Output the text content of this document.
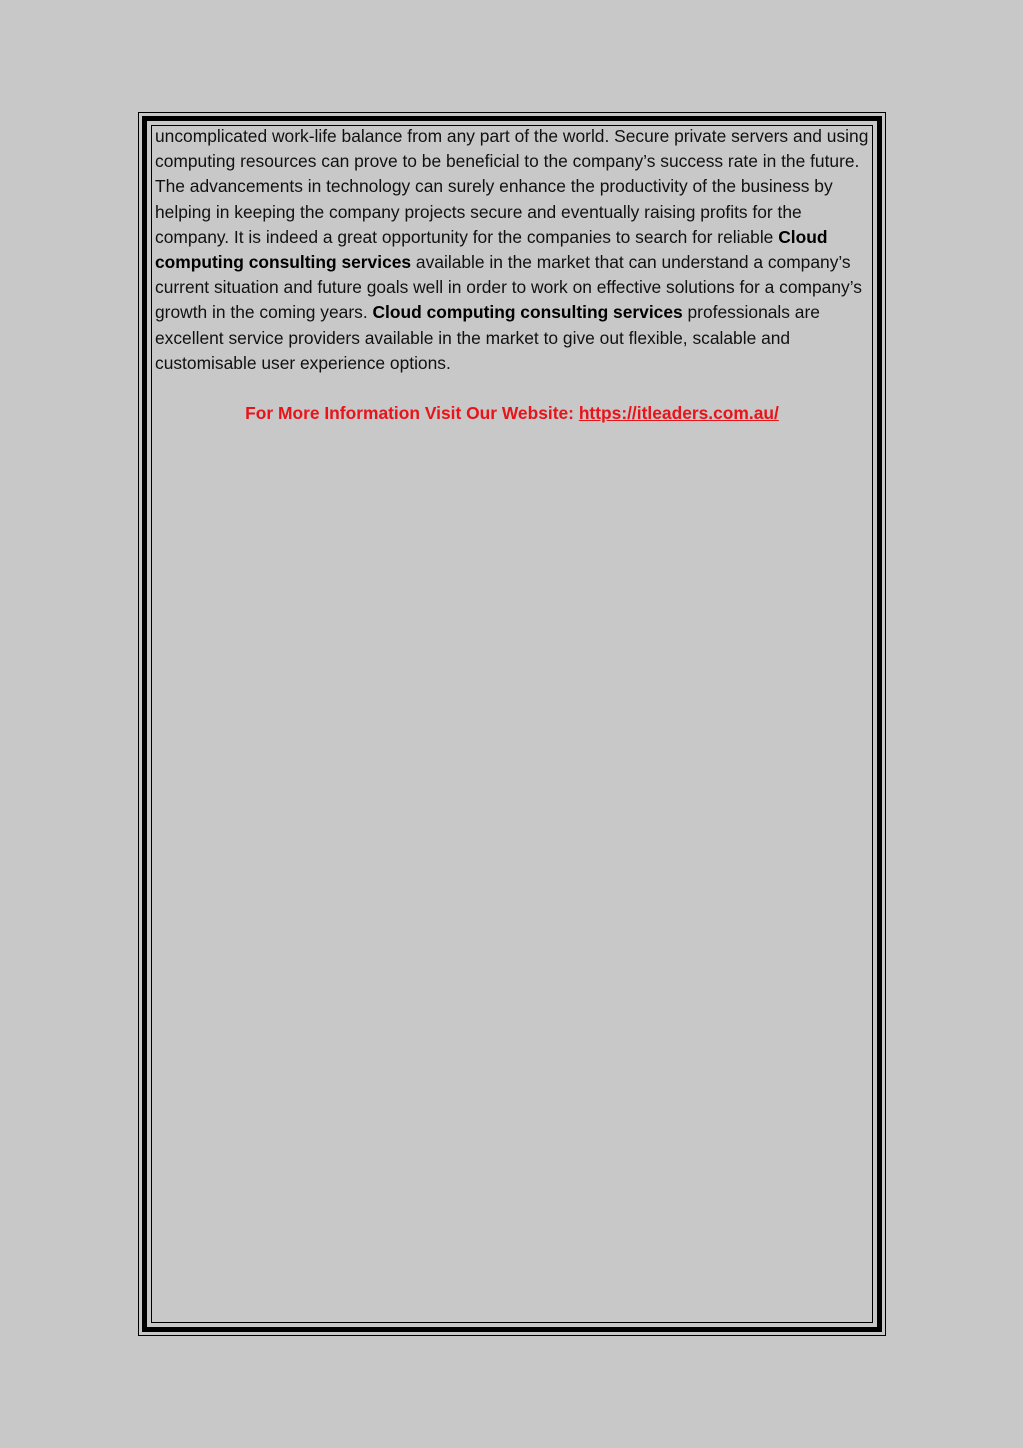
uncomplicated work-life balance from any part of the world. Secure private servers and using computing resources can prove to be beneficial to the company’s success rate in the future. The advancements in technology can surely enhance the productivity of the business by helping in keeping the company projects secure and eventually raising profits for the company. It is indeed a great opportunity for the companies to search for reliable Cloud computing consulting services available in the market that can understand a company’s current situation and future goals well in order to work on effective solutions for a company’s growth in the coming years. Cloud computing consulting services professionals are excellent service providers available in the market to give out flexible, scalable and customisable user experience options.

For More Information Visit Our Website: https://itleaders.com.au/
